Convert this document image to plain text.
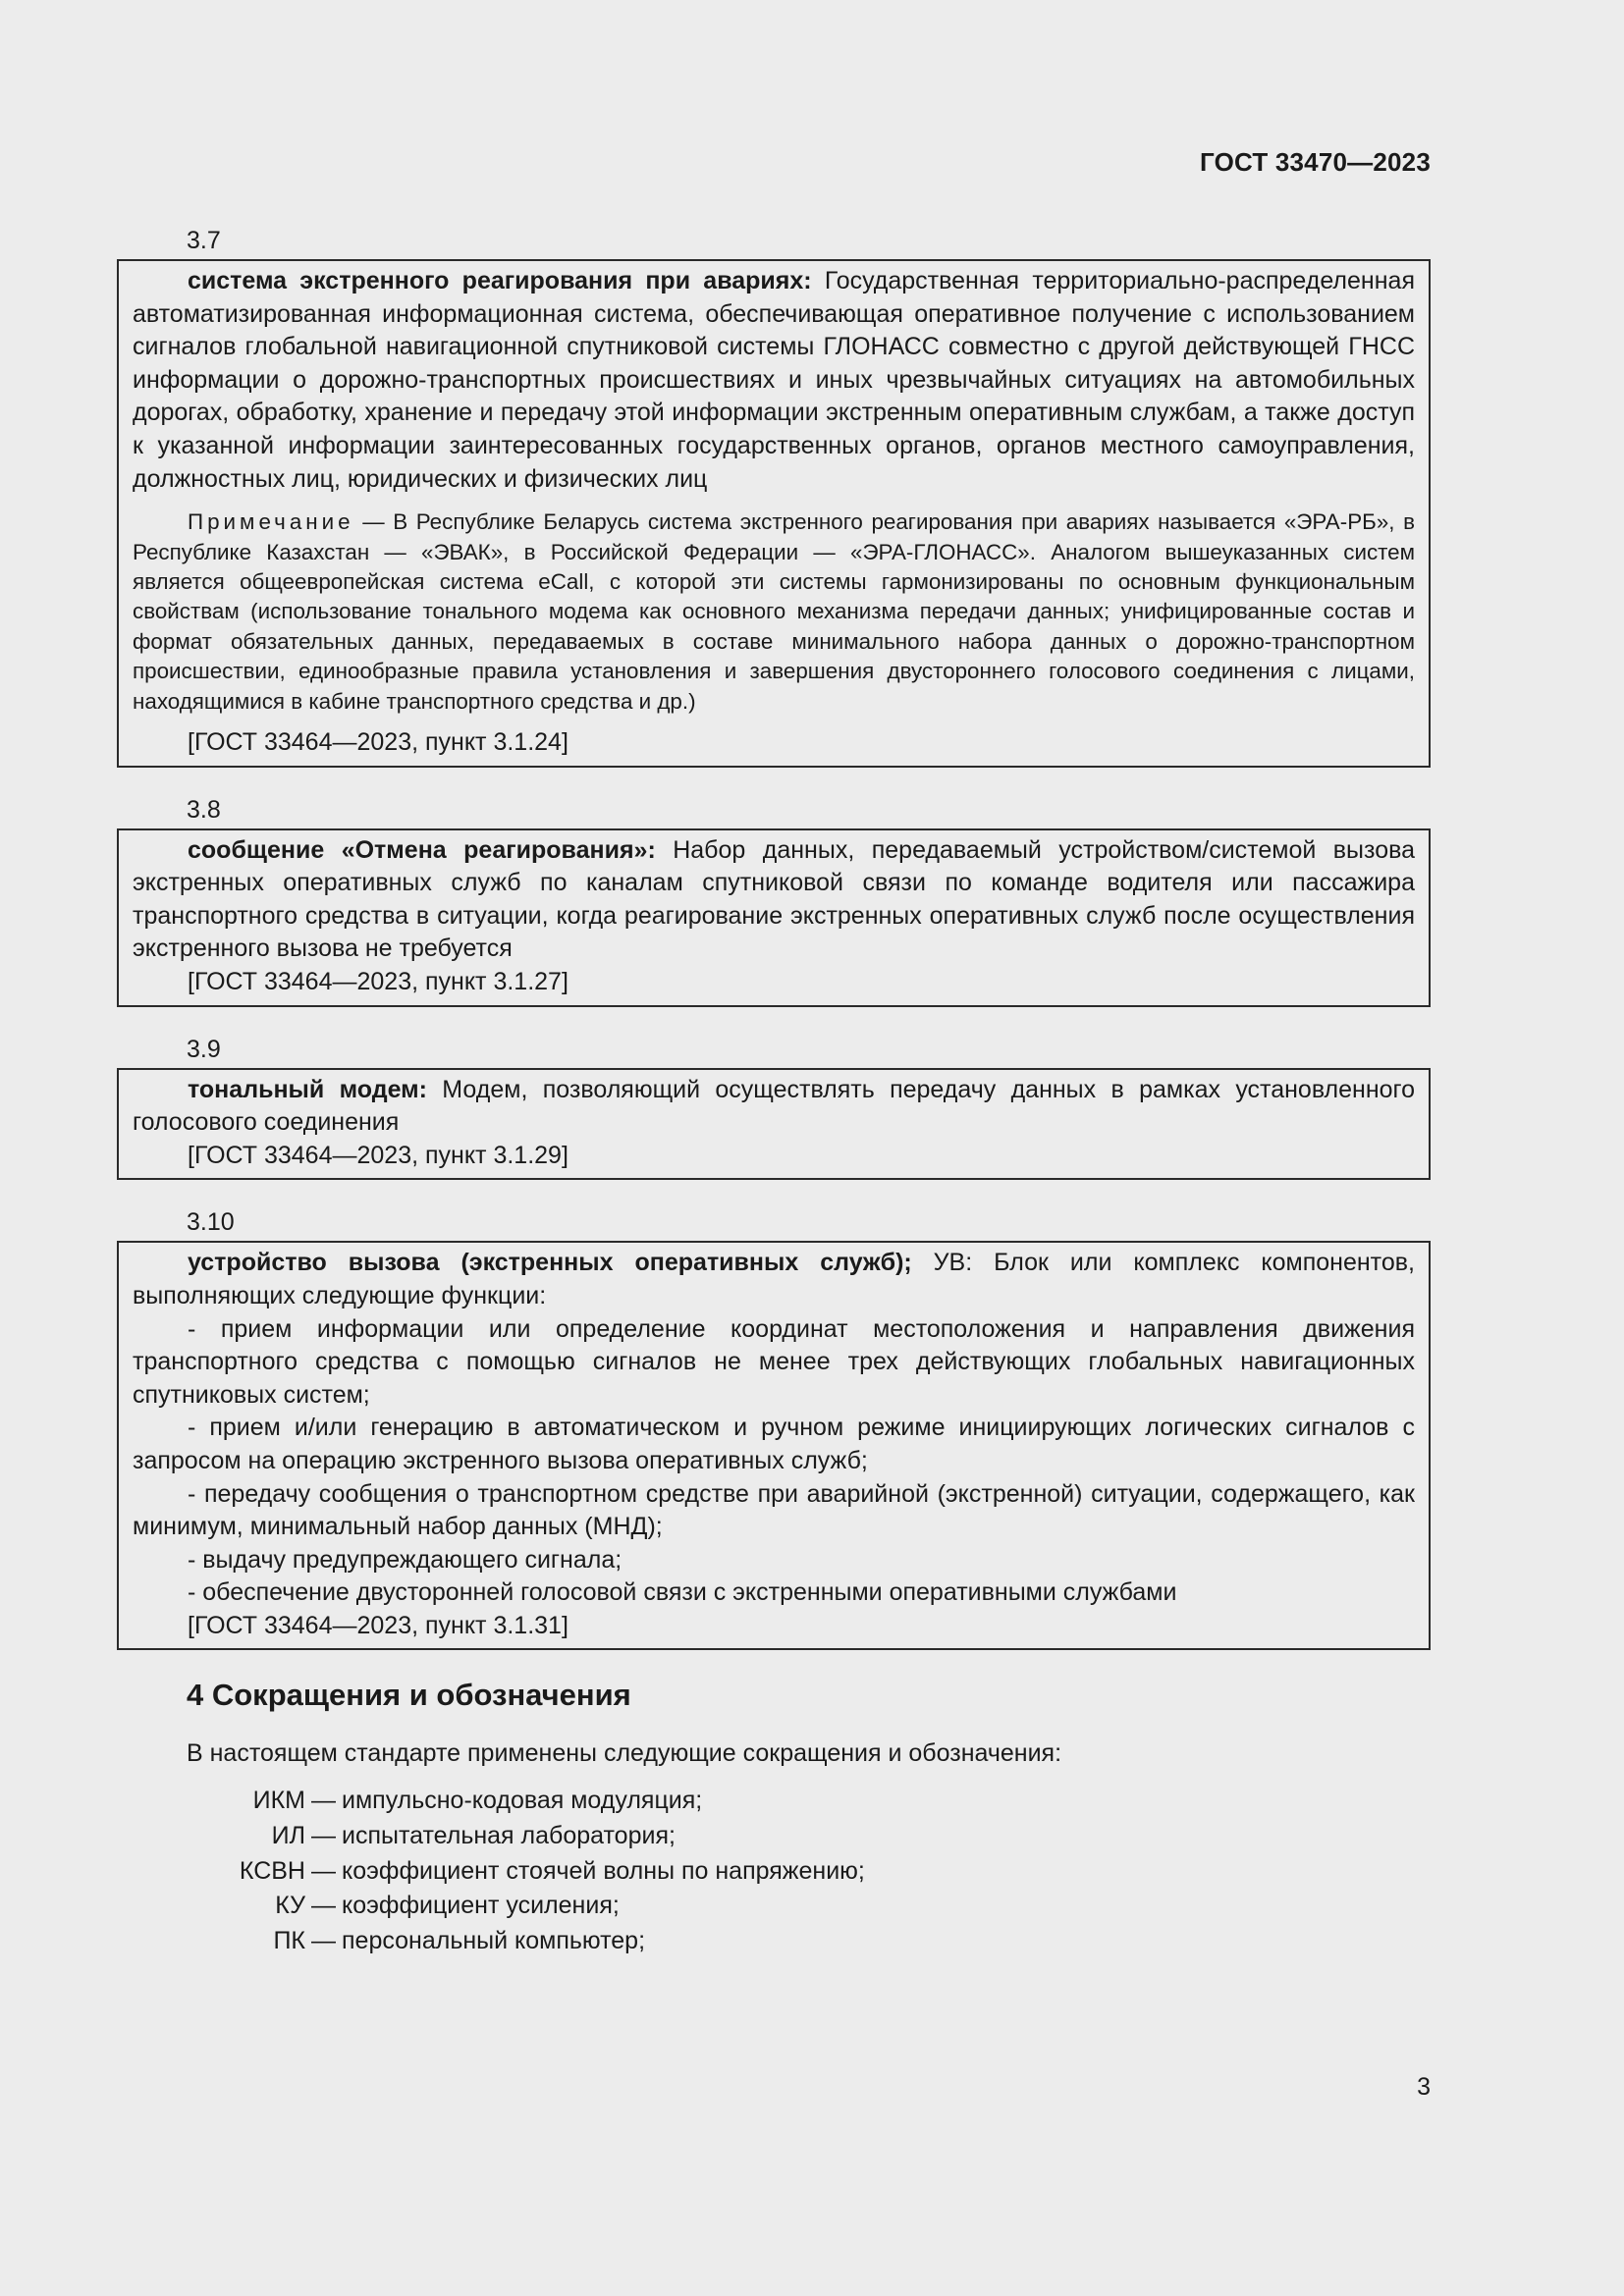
ГОСТ 33470—2023
3.7

система экстренного реагирования при авариях: Государственная территориально-распределенная автоматизированная информационная система, обеспечивающая оперативное получение с использованием сигналов глобальной навигационной спутниковой системы ГЛОНАСС совместно с другой действующей ГНСС информации о дорожно-транспортных происшествиях и иных чрезвычайных ситуациях на автомобильных дорогах, обработку, хранение и передачу этой информации экстренным оперативным службам, а также доступ к указанной информации заинтересованных государственных органов, органов местного самоуправления, должностных лиц, юридических и физических лиц

Примечание — В Республике Беларусь система экстренного реагирования при авариях называется «ЭРА-РБ», в Республике Казахстан — «ЭВАК», в Российской Федерации — «ЭРА-ГЛОНАСС». Аналогом вышеуказанных систем является общеевропейская система eCall, с которой эти системы гармонизированы по основным функциональным свойствам (использование тонального модема как основного механизма передачи данных; унифицированные состав и формат обязательных данных, передаваемых в составе минимального набора данных о дорожно-транспортном происшествии, единообразные правила установления и завершения двустороннего голосового соединения с лицами, находящимися в кабине транспортного средства и др.)

[ГОСТ 33464—2023, пункт 3.1.24]
3.8

сообщение «Отмена реагирования»: Набор данных, передаваемый устройством/системой вызова экстренных оперативных служб по каналам спутниковой связи по команде водителя или пассажира транспортного средства в ситуации, когда реагирование экстренных оперативных служб после осуществления экстренного вызова не требуется

[ГОСТ 33464—2023, пункт 3.1.27]
3.9

тональный модем: Модем, позволяющий осуществлять передачу данных в рамках установленного голосового соединения

[ГОСТ 33464—2023, пункт 3.1.29]
3.10

устройство вызова (экстренных оперативных служб); УВ: Блок или комплекс компонентов, выполняющих следующие функции:

- прием информации или определение координат местоположения и направления движения транспортного средства с помощью сигналов не менее трех действующих глобальных навигационных спутниковых систем;

- прием и/или генерацию в автоматическом и ручном режиме инициирующих логических сигналов с запросом на операцию экстренного вызова оперативных служб;

- передачу сообщения о транспортном средстве при аварийной (экстренной) ситуации, содержащего, как минимум, минимальный набор данных (МНД);

- выдачу предупреждающего сигнала;

- обеспечение двусторонней голосовой связи с экстренными оперативными службами

[ГОСТ 33464—2023, пункт 3.1.31]
4 Сокращения и обозначения
В настоящем стандарте применены следующие сокращения и обозначения:
ИКМ — импульсно-кодовая модуляция;
ИЛ — испытательная лаборатория;
КСВН — коэффициент стоячей волны по напряжению;
КУ — коэффициент усиления;
ПК — персональный компьютер;
3
